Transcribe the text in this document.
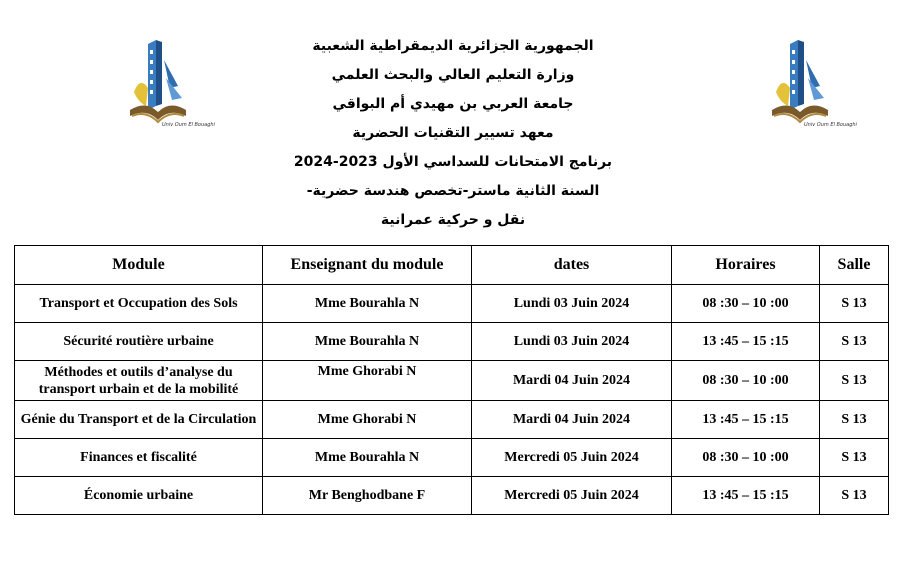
Univ Oum El Bouaghi	Univ Oum El Bouaghi
الجمهورية الجزائرية الديمقراطية الشعبية
وزارة التعليم العالي والبحث العلمي
جامعة العربي بن مهيدي أم البواقي
معهد تسيير التقنيات الحضرية
برنامج الامتحانات للسداسي الأول 2023-2024
السنة الثانية ماستر-تخصص هندسة حضرية-
نقل و حركية عمرانية
Module	Enseignant du module	dates	Horaires	Salle
Transport et Occupation des Sols	Mme Bourahla N	Lundi 03 Juin 2024	08 :30 – 10 :00	S 13
Sécurité routière urbaine	Mme Bourahla N	Lundi 03 Juin 2024	13 :45 – 15 :15	S 13
Méthodes et outils d’analyse du transport urbain et de la mobilité	Mme Ghorabi N	Mardi 04 Juin 2024	08 :30 – 10 :00	S 13
Génie du Transport et de la Circulation	Mme Ghorabi N	Mardi 04 Juin 2024	13 :45 – 15 :15	S 13
Finances et fiscalité	Mme Bourahla N	Mercredi 05 Juin 2024	08 :30 – 10 :00	S 13
Économie urbaine	Mr Benghodbane F	Mercredi 05 Juin 2024	13 :45 – 15 :15	S 13
